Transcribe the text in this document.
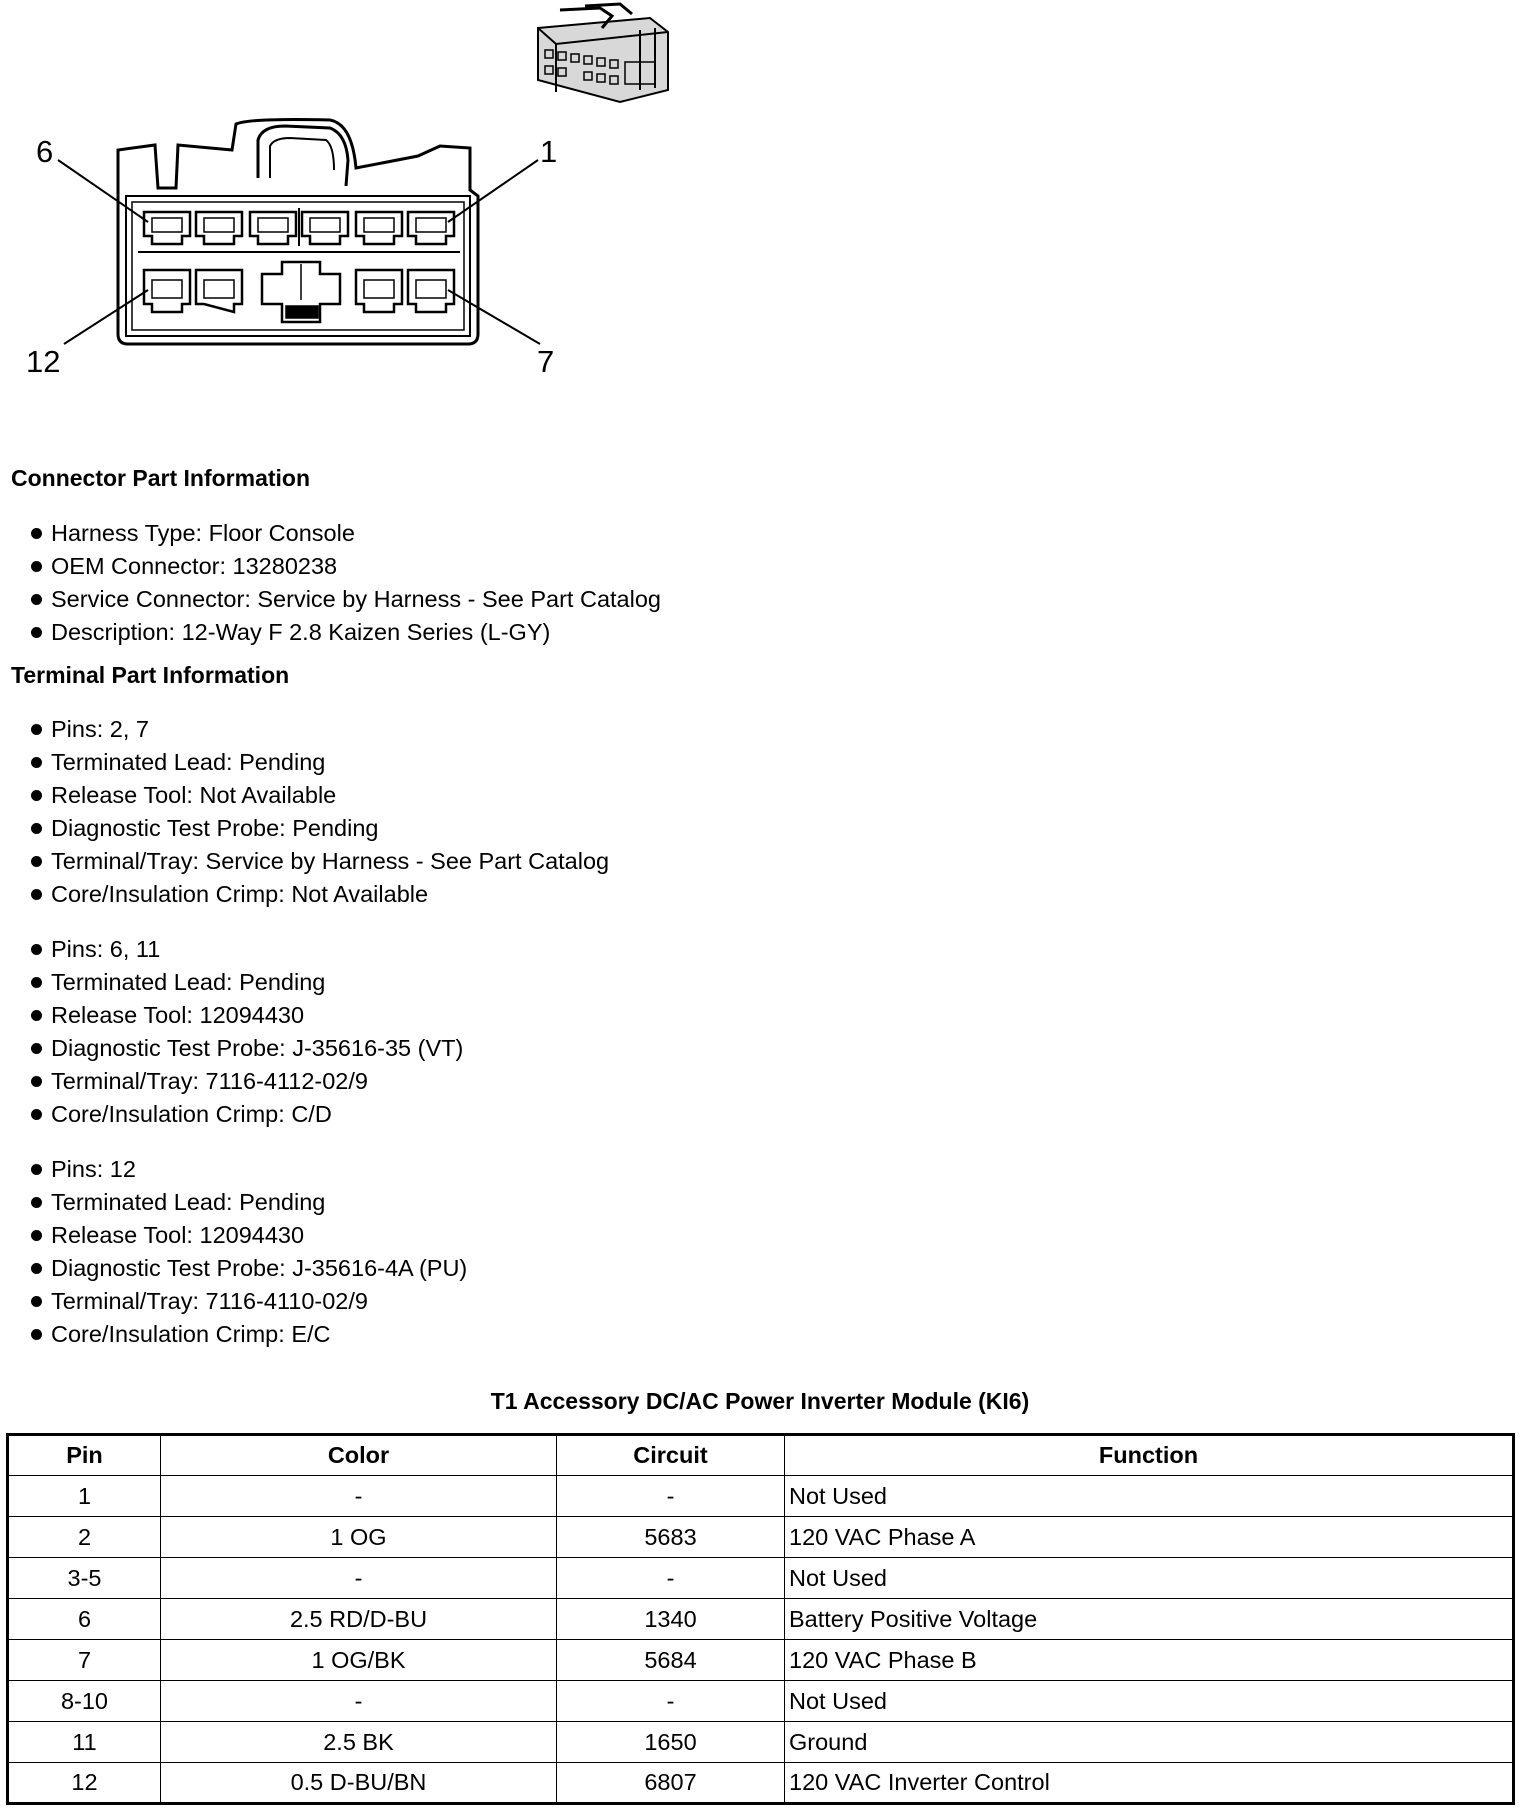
6	1
12	7
Connector Part Information
Harness Type: Floor Console
OEM Connector: 13280238
Service Connector: Service by Harness - See Part Catalog
Description: 12-Way F 2.8 Kaizen Series (L-GY)
Terminal Part Information
Pins: 2, 7
Terminated Lead: Pending
Release Tool: Not Available
Diagnostic Test Probe: Pending
Terminal/Tray: Service by Harness - See Part Catalog
Core/Insulation Crimp: Not Available
Pins: 6, 11
Terminated Lead: Pending
Release Tool: 12094430
Diagnostic Test Probe: J-35616-35 (VT)
Terminal/Tray: 7116-4112-02/9
Core/Insulation Crimp: C/D
Pins: 12
Terminated Lead: Pending
Release Tool: 12094430
Diagnostic Test Probe: J-35616-4A (PU)
Terminal/Tray: 7116-4110-02/9
Core/Insulation Crimp: E/C
T1 Accessory DC/AC Power Inverter Module (KI6)
Pin	Color	Circuit	Function
1	-	-	Not Used
2	1 OG	5683	120 VAC Phase A
3-5	-	-	Not Used
6	2.5 RD/D-BU	1340	Battery Positive Voltage
7	1 OG/BK	5684	120 VAC Phase B
8-10	-	-	Not Used
11	2.5 BK	1650	Ground
12	0.5 D-BU/BN	6807	120 VAC Inverter Control
